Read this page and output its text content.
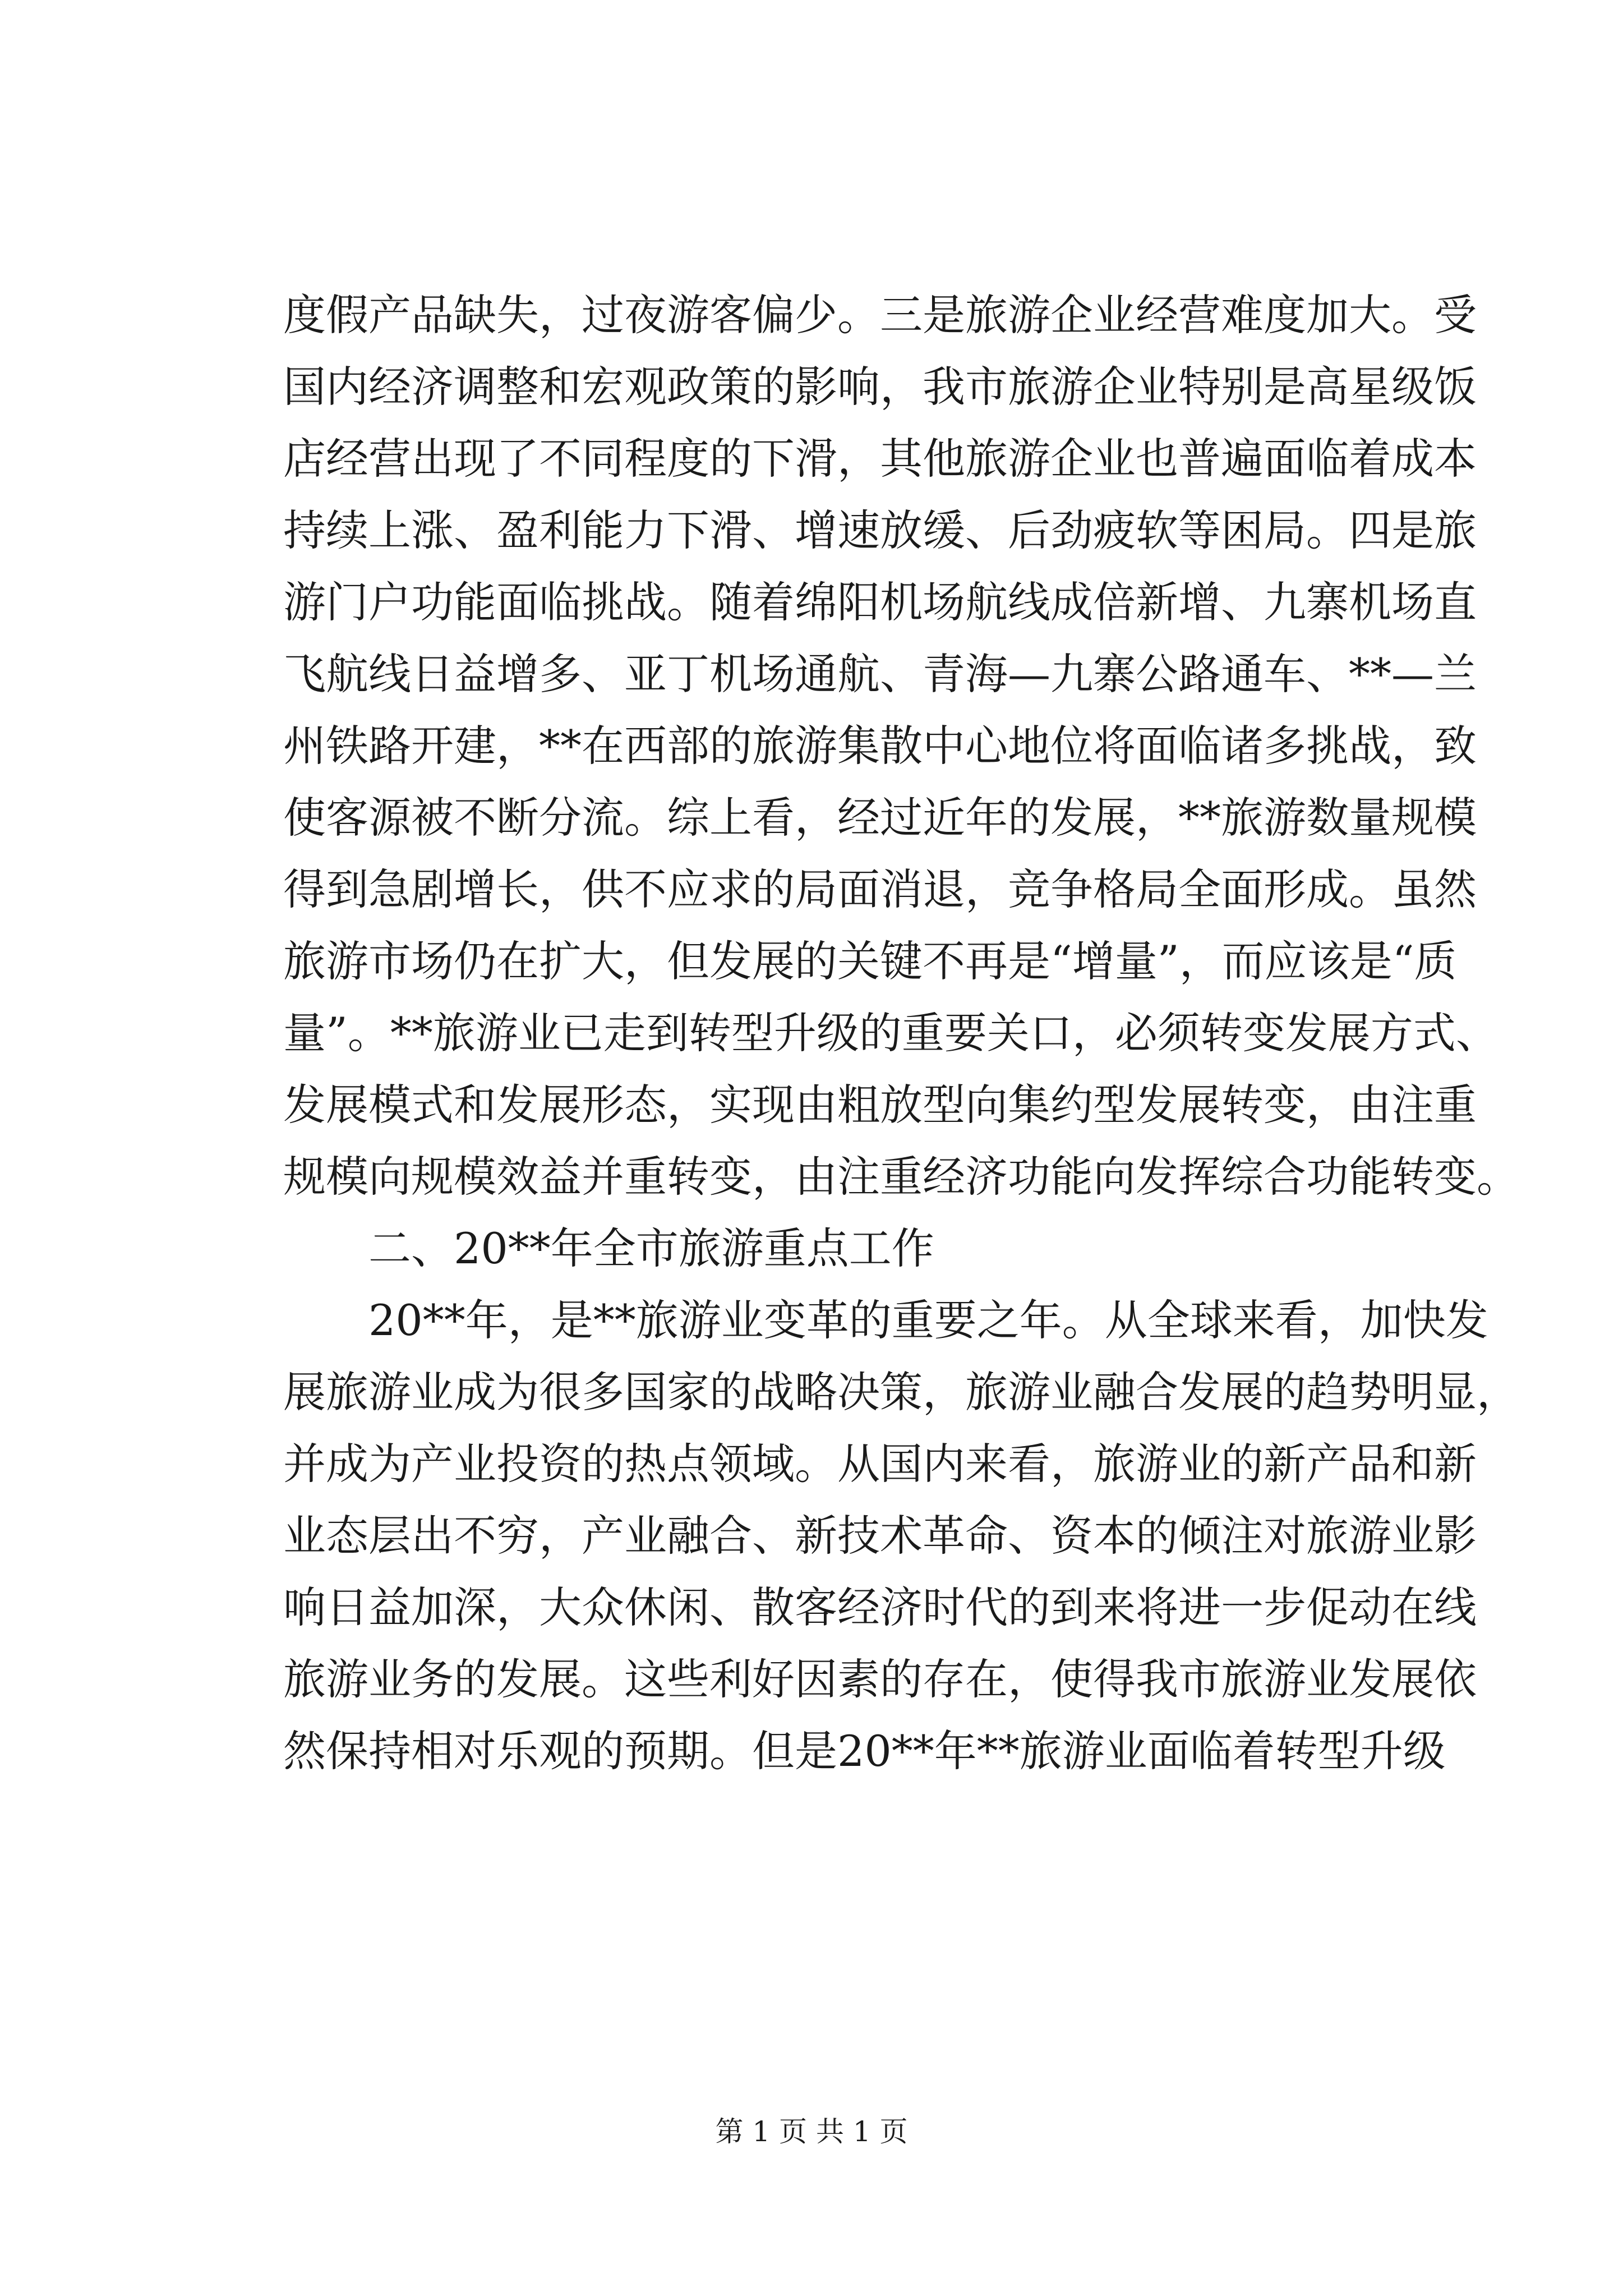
度假产品缺失，过夜游客偏少。三是旅游企业经营难度加大。受
国内经济调整和宏观政策的影响，我市旅游企业特别是高星级饭
店经营出现了不同程度的下滑，其他旅游企业也普遍面临着成本
持续上涨、盈利能力下滑、增速放缓、后劲疲软等困局。四是旅
游门户功能面临挑战。随着绵阳机场航线成倍新增、九寨机场直
飞航线日益增多、亚丁机场通航、青海—九寨公路通车、**—兰
州铁路开建，**在西部的旅游集散中心地位将面临诸多挑战，致
使客源被不断分流。综上看，经过近年的发展，**旅游数量规模
得到急剧增长，供不应求的局面消退，竞争格局全面形成。虽然
旅游市场仍在扩大，但发展的关键不再是“增量”，而应该是“质
量”。**旅游业已走到转型升级的重要关口，必须转变发展方式、
发展模式和发展形态，实现由粗放型向集约型发展转变，由注重
规模向规模效益并重转变，由注重经济功能向发挥综合功能转变。
二、20**年全市旅游重点工作
20**年，是**旅游业变革的重要之年。从全球来看，加快发
展旅游业成为很多国家的战略决策，旅游业融合发展的趋势明显，
并成为产业投资的热点领域。从国内来看，旅游业的新产品和新
业态层出不穷，产业融合、新技术革命、资本的倾注对旅游业影
响日益加深，大众休闲、散客经济时代的到来将进一步促动在线
旅游业务的发展。这些利好因素的存在，使得我市旅游业发展依
然保持相对乐观的预期。但是20**年**旅游业面临着转型升级
第 1 页 共 1 页
